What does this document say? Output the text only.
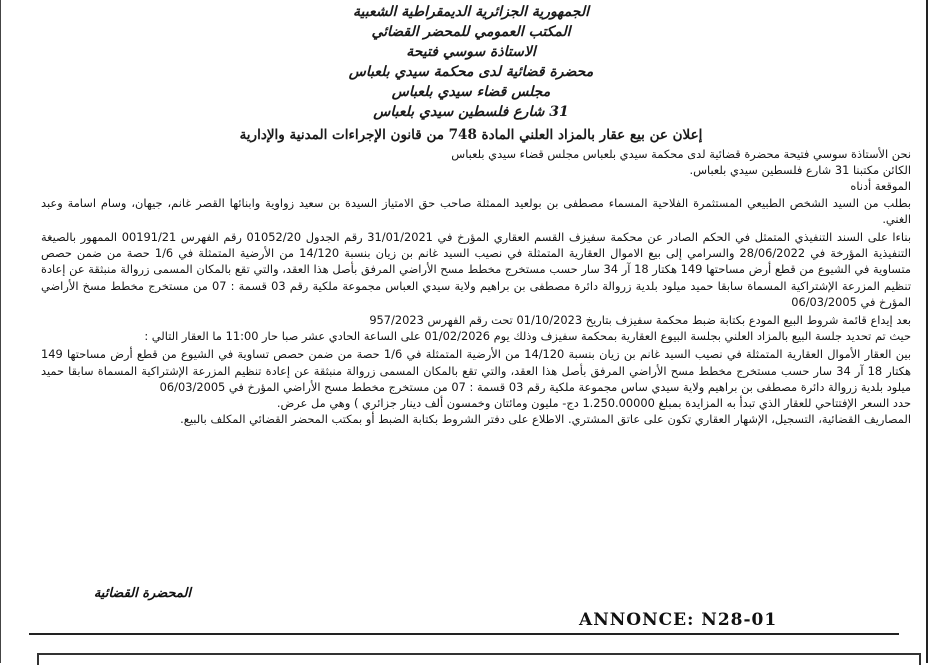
الجمهورية الجزائرية الديمقراطية الشعبية
المكتب العمومي للمحضر القضائي
الاستاذة سوسي فتيحة
محضرة قضائية لدى محكمة سيدي بلعباس
مجلس قضاء سيدي بلعباس
31 شارع فلسطين سيدي بلعباس
إعلان عن بيع عقار بالمزاد العلني المادة 748 من قانون الإجراءات المدنية والإدارية

نحن الأستاذة سوسي فتيحة محضرة قضائية لدى محكمة سيدي بلعباس مجلس قضاء سيدي بلعباس

الكائن مكتبنا 31 شارع فلسطين سيدي بلعباس.

الموقعة أدناه

بطلب من السيد الشخص الطبيعي المستثمرة الفلاحية المسماء مصطفى بن بولعيد الممثلة صاحب حق الامتياز السيدة بن سعيد زواوية وابنائها القصر غانم، جيهان، وسام اسامة وعبد الغني.

بناءا على السند التنفيذي المتمثل في الحكم الصادر عن محكمة سفيزف القسم العقاري المؤرخ في 31/01/2021 رقم الجدول 01052/20 رقم الفهرس 00191/21 الممهور بالصيغة التنفيذية المؤرخة في 28/06/2022 والسرامي إلى بيع الاموال العقارية المتمثلة في نصيب السيد غانم بن زيان بنسبة 14/120 من الأرضية المتمثلة في 1/6 حصة من ضمن حصص متساوية في الشيوع من قطع أرض مساحتها 149 هكتار 18 آر 34 سار حسب مستخرج مخطط مسح الأراضي المرفق بأصل هذا العقد، والتي تقع بالمكان المسمى زروالة منبثقة عن إعادة تنظيم المزرعة الإشتراكية المسماة سابقا حميد ميلود بلدية زروالة دائرة مصطفى بن براهيم ولاية سيدي العباس مجموعة ملكية رقم 03 قسمة : 07 من مستخرج مخطط مسخ الأراضي المؤرخ في 06/03/2005

بعد إيداع قائمة شروط البيع المودع بكتابة ضبط محكمة سفيزف بتاريخ 01/10/2023 تحت رقم الفهرس 957/2023

حيث تم تحديد جلسة البيع بالمزاد العلني بجلسة البيوع العقارية بمحكمة سفيزف وذلك يوم 01/02/2026 على الساعة الحادي عشر صبا حار 11:00 ما العقار التالي :

بين العقار الأموال العقارية المتمثلة في نصيب السيد غانم بن زيان بنسبة 14/120 من الأرضية المتمثلة في 1/6 حصة من ضمن حصص تساوية في الشيوع من قطع أرض مساحتها 149 هكتار 18 آر 34 سار حسب مستخرج مخطط مسح الأراضي المرفق بأصل هذا العقد، والتي تقع بالمكان المسمى زروالة منبثقة عن إعادة تنظيم المزرعة الإشتراكية المسماة سابقا حميد ميلود بلدية زروالة دائرة مصطفى بن براهيم ولاية سيدي ساس مجموعة ملكية رقم 03 قسمة : 07 من مستخرج مخطط مسح الأراضي المؤرخ في 06/03/2005

حدد السعر الإفتتاحي للعقار الذي تبدأ به المزايدة بمبلغ 1.250.00000 دج- مليون ومائتان وخمسون ألف دينار جزائري ) وهي مل عرض.

المصاريف القضائية، التسجيل، الإشهار العقاري تكون على عاتق المشتري. الاطلاع على دفتر الشروط بكتابة الضبط أو بمكتب المحضر القضائي المكلف بالبيع.

المحضرة القضائية
ANNONCE: N28-01
